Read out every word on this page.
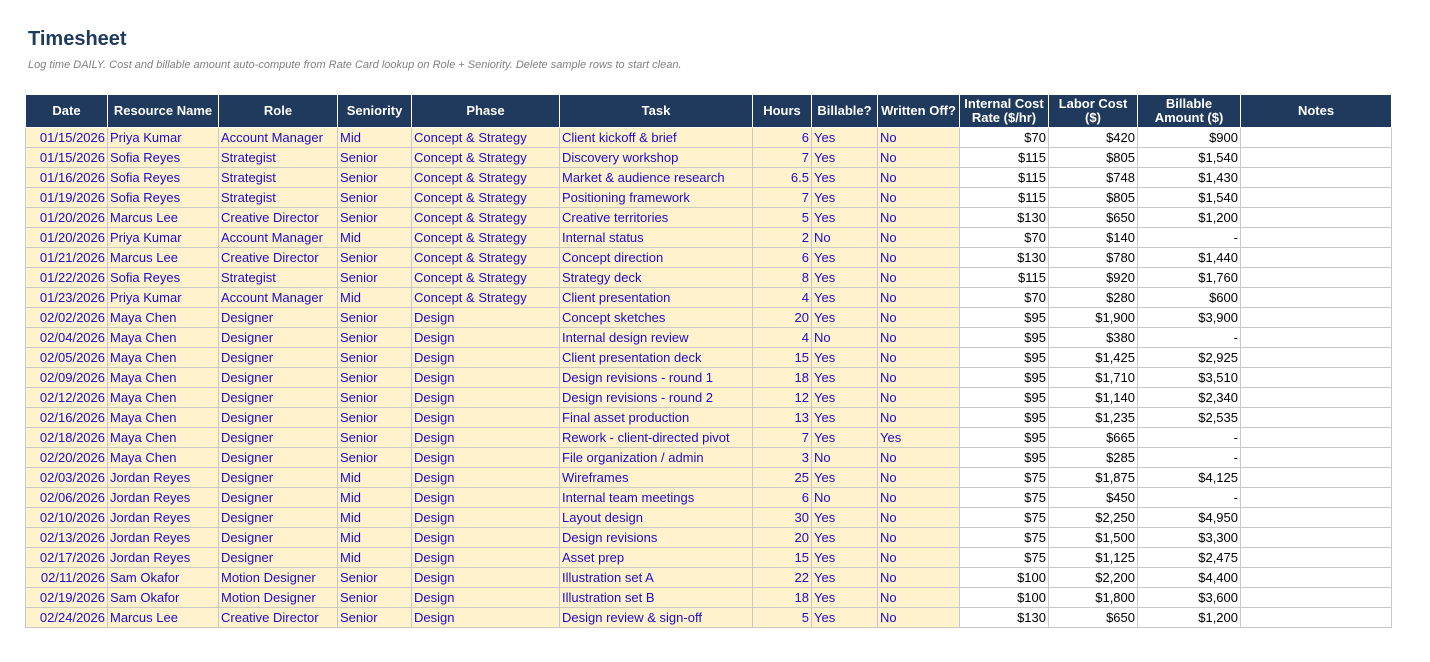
Timesheet
Log time DAILY. Cost and billable amount auto-compute from Rate Card lookup on Role + Seniority. Delete sample rows to start clean.
Date	Resource Name	Role	Seniority	Phase	Task	Hours	Billable?	Written Off?	Internal Cost Rate ($/hr)	Labor Cost ($)	Billable Amount ($)	Notes
01/15/2026	Priya Kumar	Account Manager	Mid	Concept & Strategy	Client kickoff & brief	6	Yes	No	$70	$420	$900	
01/15/2026	Sofia Reyes	Strategist	Senior	Concept & Strategy	Discovery workshop	7	Yes	No	$115	$805	$1,540	
01/16/2026	Sofia Reyes	Strategist	Senior	Concept & Strategy	Market & audience research	6.5	Yes	No	$115	$748	$1,430	
01/19/2026	Sofia Reyes	Strategist	Senior	Concept & Strategy	Positioning framework	7	Yes	No	$115	$805	$1,540	
01/20/2026	Marcus Lee	Creative Director	Senior	Concept & Strategy	Creative territories	5	Yes	No	$130	$650	$1,200	
01/20/2026	Priya Kumar	Account Manager	Mid	Concept & Strategy	Internal status	2	No	No	$70	$140	-	
01/21/2026	Marcus Lee	Creative Director	Senior	Concept & Strategy	Concept direction	6	Yes	No	$130	$780	$1,440	
01/22/2026	Sofia Reyes	Strategist	Senior	Concept & Strategy	Strategy deck	8	Yes	No	$115	$920	$1,760	
01/23/2026	Priya Kumar	Account Manager	Mid	Concept & Strategy	Client presentation	4	Yes	No	$70	$280	$600	
02/02/2026	Maya Chen	Designer	Senior	Design	Concept sketches	20	Yes	No	$95	$1,900	$3,900	
02/04/2026	Maya Chen	Designer	Senior	Design	Internal design review	4	No	No	$95	$380	-	
02/05/2026	Maya Chen	Designer	Senior	Design	Client presentation deck	15	Yes	No	$95	$1,425	$2,925	
02/09/2026	Maya Chen	Designer	Senior	Design	Design revisions - round 1	18	Yes	No	$95	$1,710	$3,510	
02/12/2026	Maya Chen	Designer	Senior	Design	Design revisions - round 2	12	Yes	No	$95	$1,140	$2,340	
02/16/2026	Maya Chen	Designer	Senior	Design	Final asset production	13	Yes	No	$95	$1,235	$2,535	
02/18/2026	Maya Chen	Designer	Senior	Design	Rework - client-directed pivot	7	Yes	Yes	$95	$665	-	
02/20/2026	Maya Chen	Designer	Senior	Design	File organization / admin	3	No	No	$95	$285	-	
02/03/2026	Jordan Reyes	Designer	Mid	Design	Wireframes	25	Yes	No	$75	$1,875	$4,125	
02/06/2026	Jordan Reyes	Designer	Mid	Design	Internal team meetings	6	No	No	$75	$450	-	
02/10/2026	Jordan Reyes	Designer	Mid	Design	Layout design	30	Yes	No	$75	$2,250	$4,950	
02/13/2026	Jordan Reyes	Designer	Mid	Design	Design revisions	20	Yes	No	$75	$1,500	$3,300	
02/17/2026	Jordan Reyes	Designer	Mid	Design	Asset prep	15	Yes	No	$75	$1,125	$2,475	
02/11/2026	Sam Okafor	Motion Designer	Senior	Design	Illustration set A	22	Yes	No	$100	$2,200	$4,400	
02/19/2026	Sam Okafor	Motion Designer	Senior	Design	Illustration set B	18	Yes	No	$100	$1,800	$3,600	
02/24/2026	Marcus Lee	Creative Director	Senior	Design	Design review & sign-off	5	Yes	No	$130	$650	$1,200	
